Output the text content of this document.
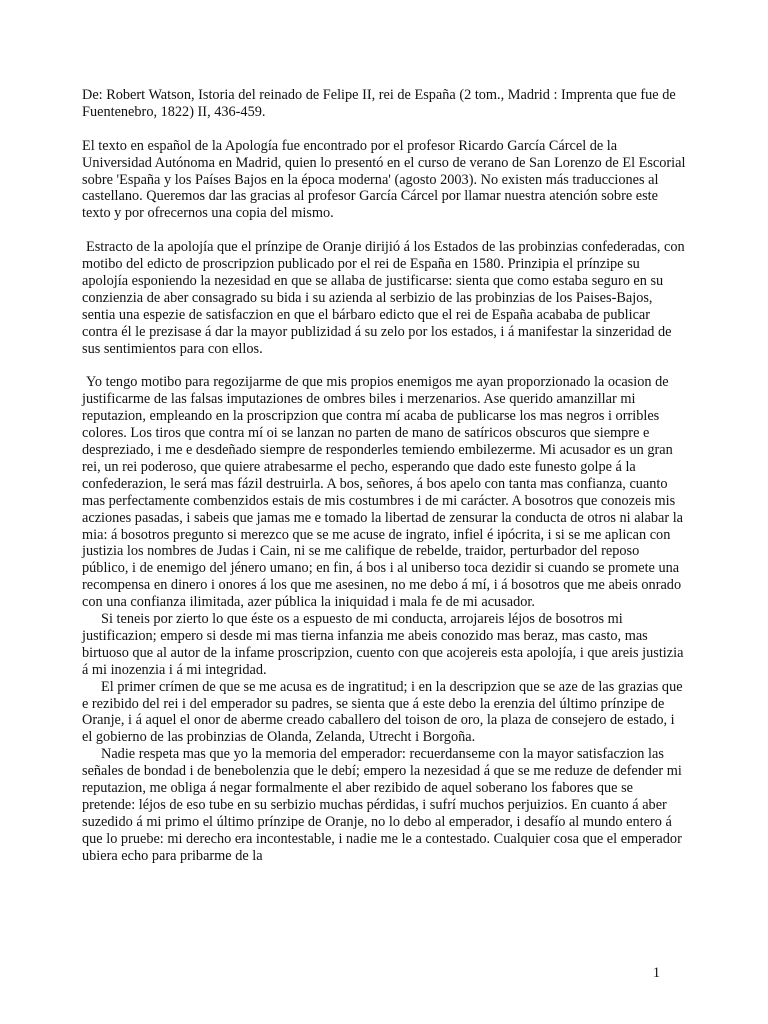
De: Robert Watson, Istoria del reinado de Felipe II, rei de España (2 tom., Madrid : Imprenta que fue de Fuentenebro, 1822) II, 436-459.

El texto en español de la Apología fue encontrado por el profesor Ricardo García Cárcel de la Universidad Autónoma en Madrid, quien lo presentó en el curso de verano de San Lorenzo de El Escorial sobre 'España y los Países Bajos en la época moderna' (agosto 2003). No existen más traducciones al castellano. Queremos dar las gracias al profesor García Cárcel por llamar nuestra atención sobre este texto y por ofrecernos una copia del mismo.

Estracto de la apolojía que el prínzipe de Oranje dirijió á los Estados de las probinzias confederadas, con motibo del edicto de proscripzion publicado por el rei de España en 1580. Prinzipia el prínzipe su apolojía esponiendo la nezesidad en que se allaba de justificarse: sienta que como estaba seguro en su conzienzia de aber consagrado su bida i su azienda al serbizio de las probinzias de los Paises-Bajos, sentia una espezie de satisfaczion en que el bárbaro edicto que el rei de España acababa de publicar contra él le prezisase á dar la mayor publizidad á su zelo por los estados, i á manifestar la sinzeridad de sus sentimientos para con ellos.

Yo tengo motibo para regozijarme de que mis propios enemigos me ayan proporzionado la ocasion de justificarme de las falsas imputaziones de ombres biles i merzenarios. Ase querido amanzillar mi reputazion, empleando en la proscripzion que contra mí acaba de publicarse los mas negros i orribles colores. Los tiros que contra mí oi se lanzan no parten de mano de satíricos obscuros que siempre e despreziado, i me e desdeñado siempre de responderles temiendo embilezerme. Mi acusador es un gran rei, un rei poderoso, que quiere atrabesarme el pecho, esperando que dado este funesto golpe á la confederazion, le será mas fázil destruirla. A bos, señores, á bos apelo con tanta mas confianza, cuanto mas perfectamente combenzidos estais de mis costumbres i de mi carácter. A bosotros que conozeis mis acziones pasadas, i sabeis que jamas me e tomado la libertad de zensurar la conducta de otros ni alabar la mia: á bosotros pregunto si merezco que se me acuse de ingrato, infiel é ipócrita, i si se me aplican con justizia los nombres de Judas i Cain, ni se me califique de rebelde, traidor, perturbador del reposo público, i de enemigo del jénero umano; en fin, á bos i al uniberso toca dezidir si cuando se promete una recompensa en dinero i onores á los que me asesinen, no me debo á mí, i á bosotros que me abeis onrado con una confianza ilimitada, azer pública la iniquidad i mala fe de mi acusador.

Si teneis por zierto lo que éste os a espuesto de mi conducta, arrojareis léjos de bosotros mi justificazion; empero si desde mi mas tierna infanzia me abeis conozido mas beraz, mas casto, mas birtuoso que al autor de la infame proscripzion, cuento con que acojereis esta apolojía, i que areis justizia á mi inozenzia i á mi integridad.

El primer crímen de que se me acusa es de ingratitud; i en la descripzion que se aze de las grazias que e rezibido del rei i del emperador su padres, se sienta que á este debo la erenzia del último prínzipe de Oranje, i á aquel el onor de aberme creado caballero del toison de oro, la plaza de consejero de estado, i el gobierno de las probinzias de Olanda, Zelanda, Utrecht i Borgoña.

Nadie respeta mas que yo la memoria del emperador: recuerdanseme con la mayor satisfaczion las señales de bondad i de benebolenzia que le debí; empero la nezesidad á que se me reduze de defender mi reputazion, me obliga á negar formalmente el aber rezibido de aquel soberano los fabores que se pretende: léjos de eso tube en su serbizio muchas pérdidas, i sufrí muchos perjuizios. En cuanto á aber suzedido á mi primo el último prínzipe de Oranje, no lo debo al emperador, i desafío al mundo entero á que lo pruebe: mi derecho era incontestable, i nadie me le a contestado. Cualquier cosa que el emperador ubiera echo para pribarme de la

1
